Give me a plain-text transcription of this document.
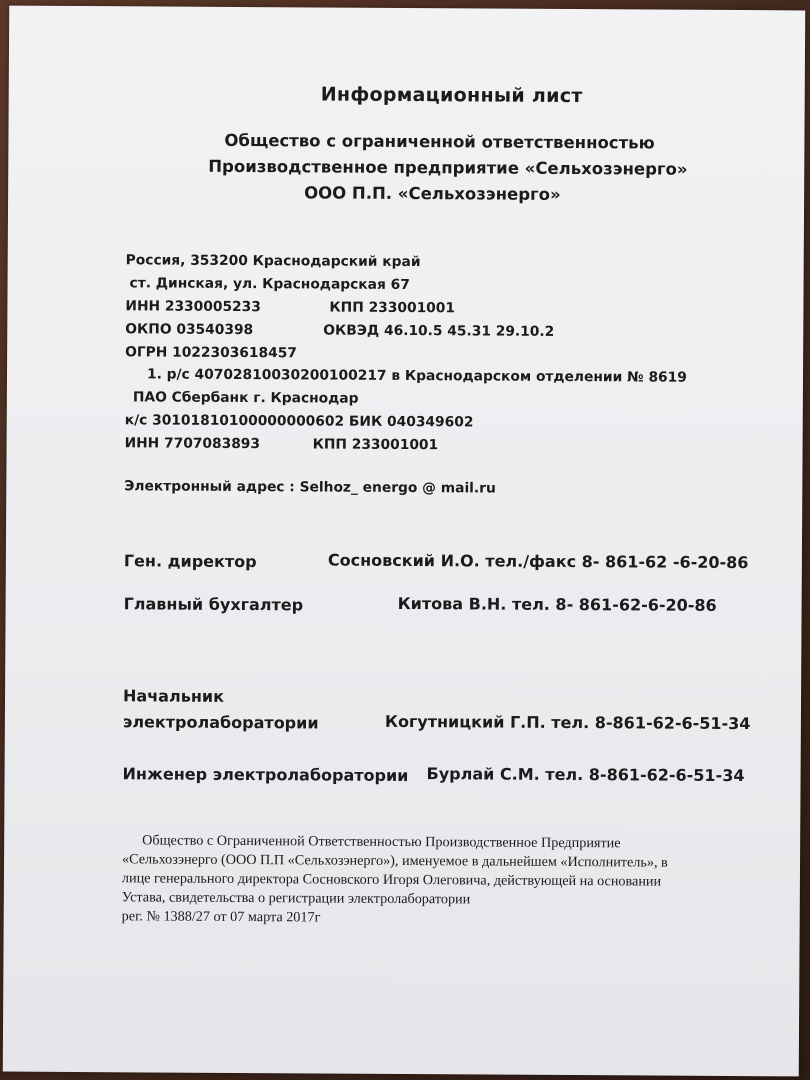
Информационный лист
Общество с ограниченной ответственностью
Производственное предприятие «Сельхозэнерго»
ООО П.П. «Сельхозэнерго»
Россия, 353200 Краснодарский край
ст. Динская, ул. Краснодарская 67
ИНН 2330005233	КПП 233001001
ОКПО 03540398	ОКВЭД 46.10.5 45.31 29.10.2
ОГРН 1022303618457
1. р/с 40702810030200100217 в Краснодарском отделении № 8619
ПАО Сбербанк г. Краснодар
к/с 30101810100000000602 БИК 040349602
ИНН 7707083893	КПП 233001001
Электронный адрес : Selhoz_ energo @ mail.ru
Ген. директор	Сосновский И.О. тел./факс 8- 861-62 -6-20-86
Главный бухгалтер	Китова В.Н. тел. 8- 861-62-6-20-86
Начальник
электролаборатории	Когутницкий Г.П. тел. 8-861-62-6-51-34
Инженер электролаборатории Бурлай С.М. тел. 8-861-62-6-51-34
Общество с Ограниченной Ответственностью Производственное Предприятие
«Сельхозэнерго (ООО П.П «Сельхозэнерго»), именуемое в дальнейшем «Исполнитель», в
лице генерального директора Сосновского Игоря Олеговича, действующей на основании
Устава, свидетельства о регистрации электролаборатории
рег. № 1388/27 от 07 марта 2017г
